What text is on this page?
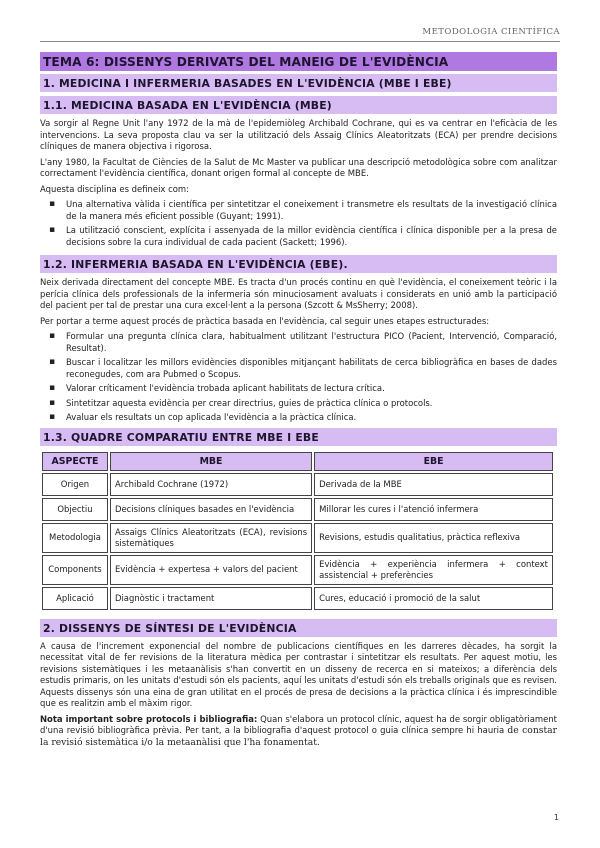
METODOLOGIA CIENTÍFICA
TEMA 6: DISSENYS DERIVATS DEL MANEIG DE L'EVIDÈNCIA
1. MEDICINA I INFERMERIA BASADES EN L'EVIDÈNCIA (MBE I EBE)
1.1. MEDICINA BASADA EN L'EVIDÈNCIA (MBE)

Va sorgir al Regne Unit l'any 1972 de la mà de l'epidemiòleg Archibald Cochrane, qui es va centrar en l'eficàcia de les intervencions. La seva proposta clau va ser la utilització dels Assaig Clínics Aleatoritzats (ECA) per prendre decisions clíniques de manera objectiva i rigorosa.

L'any 1980, la Facultat de Ciències de la Salut de Mc Master va publicar una descripció metodològica sobre com analitzar correctament l'evidència científica, donant origen formal al concepte de MBE.

Aquesta disciplina es defineix com:

▪ Una alternativa vàlida i científica per sintetitzar el coneixement i transmetre els resultats de la investigació clínica de la manera més eficient possible (Guyant; 1991).
▪ La utilització conscient, explícita i assenyada de la millor evidència científica i clínica disponible per a la presa de decisions sobre la cura individual de cada pacient (Sackett; 1996).
1.2. INFERMERIA BASADA EN L'EVIDÈNCIA (EBE).

Neix derivada directament del concepte MBE. Es tracta d'un procés continu en què l'evidència, el coneixement teòric i la perícia clínica dels professionals de la infermeria són minuciosament avaluats i considerats en unió amb la participació del pacient per tal de prestar una cura excel·lent a la persona (Szcott & MsSherry; 2008).

Per portar a terme aquest procés de pràctica basada en l'evidència, cal seguir unes etapes estructurades:

▪ Formular una pregunta clínica clara, habitualment utilitzant l'estructura PICO (Pacient, Intervenció, Comparació, Resultat).
▪ Buscar i localitzar les millors evidències disponibles mitjançant habilitats de cerca bibliogràfica en bases de dades reconegudes, com ara Pubmed o Scopus.
▪ Valorar críticament l'evidència trobada aplicant habilitats de lectura crítica.
▪ Sintetitzar aquesta evidència per crear directrius, guies de pràctica clínica o protocols.
▪ Avaluar els resultats un cop aplicada l'evidència a la pràctica clínica.
1.3. QUADRE COMPARATIU ENTRE MBE I EBE
ASPECTE	MBE	EBE
Origen	Archibald Cochrane (1972)	Derivada de la MBE
Objectiu	Decisions clíniques basades en l'evidència	Millorar les cures i l'atenció infermera
Metodologia	Assaigs Clínics Aleatoritzats (ECA), revisions sistemàtiques	Revisions, estudis qualitatius, pràctica reflexiva
Components	Evidència + expertesa + valors del pacient	Evidència + experiència infermera + context assistencial + preferències
Aplicació	Diagnòstic i tractament	Cures, educació i promoció de la salut
2. DISSENYS DE SÍNTESI DE L'EVIDÈNCIA

A causa de l'increment exponencial del nombre de publicacions científiques en les darreres dècades, ha sorgit la necessitat vital de fer revisions de la literatura mèdica per contrastar i sintetitzar els resultats. Per aquest motiu, les revisions sistemàtiques i les metaanàlisis s'han convertit en un disseny de recerca en si mateixos; a diferència dels estudis primaris, on les unitats d'estudi són els pacients, aquí les unitats d'estudi són els treballs originals que es revisen. Aquests dissenys són una eina de gran utilitat en el procés de presa de decisions a la pràctica clínica i és imprescindible que es realitzin amb el màxim rigor.

Nota important sobre protocols i bibliografia: Quan s'elabora un protocol clínic, aquest ha de sorgir obligatòriament d'una revisió bibliogràfica prèvia. Per tant, a la bibliografia d'aquest protocol o guia clínica sempre hi hauria de constar la revisió sistemàtica i/o la metaanàlisi que l'ha fonamentat.

1
